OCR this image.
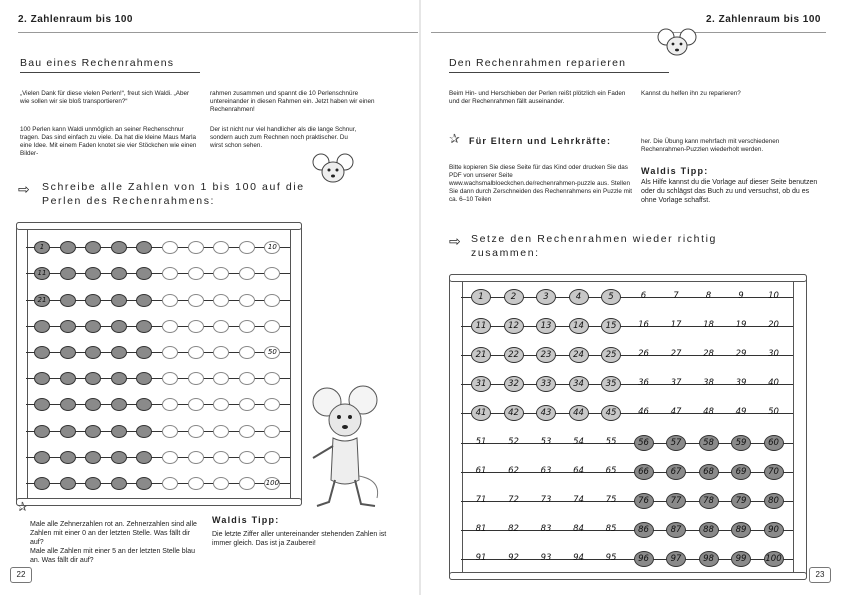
2. Zahlenraum bis 100
Bau eines Rechenrahmens

„Vielen Dank für diese vielen Perlen!“, freut sich Waldi. „Aber wie sollen wir sie bloß transportieren?“

100 Perlen kann Waldi unmöglich an seiner Rechenschnur tragen. Das sind einfach zu viele. Da hat die kleine Maus Marla eine Idee. Mit einem Faden knotet sie vier Stöckchen wie einen Bilder-

rahmen zusammen und spannt die 10 Perlenschnüre untereinander in diesen Rahmen ein. Jetzt haben wir einen Rechenrahmen!

Der ist nicht nur viel handlicher als die lange Schnur, sondern auch zum Rechnen noch praktischer. Du wirst schon sehen.

⇨ Schreibe alle Zahlen von 1 bis 100 auf die Perlen des Rechenrahmens:
1	10
11
21
50
100
✰

Male alle Zehnerzahlen rot an. Zehnerzahlen sind alle Zahlen mit einer 0 an der letzten Stelle. Was fällt dir auf?

Male alle Zahlen mit einer 5 an der letzten Stelle blau an. Was fällt dir auf?

Waldis Tipp:

Die letzte Ziffer aller untereinander stehenden Zahlen ist immer gleich. Das ist ja Zauberei!

22
2. Zahlenraum bis 100
Den Rechenrahmen reparieren

Beim Hin- und Herschieben der Perlen reißt plötzlich ein Faden und der Rechenrahmen fällt auseinander.

Kannst du helfen ihn zu reparieren?

✰ Für Eltern und Lehrkräfte:

Bitte kopieren Sie diese Seite für das Kind oder drucken Sie das PDF von unserer Seite www.wachsmalbloeckchen.de/rechenrahmen-puzzle aus. Stellen Sie dann durch Zerschneiden des Rechenrahmens ein Puzzle mit ca. 6–10 Teilen

her. Die Übung kann mehrfach mit verschiedenen Rechenrahmen-Puzzlen wiederholt werden.

Waldis Tipp:

Als Hilfe kannst du die Vorlage auf dieser Seite benutzen oder du schlägst das Buch zu und versuchst, ob du es ohne Vorlage schaffst.

⇨ Setze den Rechenrahmen wieder richtig zusammen:
1	2	3	4	5	6	7	8	9	10
11	12	13	14	15	16	17	18	19	20
21	22	23	24	25	26	27	28	29	30
31	32	33	34	35	36	37	38	39	40
41	42	43	44	45	46	47	48	49	50
51	52	53	54	55	56	57	58	59	60
61	62	63	64	65	66	67	68	69	70
71	72	73	74	75	76	77	78	79	80
81	82	83	84	85	86	87	88	89	90
91	92	93	94	95	96	97	98	99	100
23
